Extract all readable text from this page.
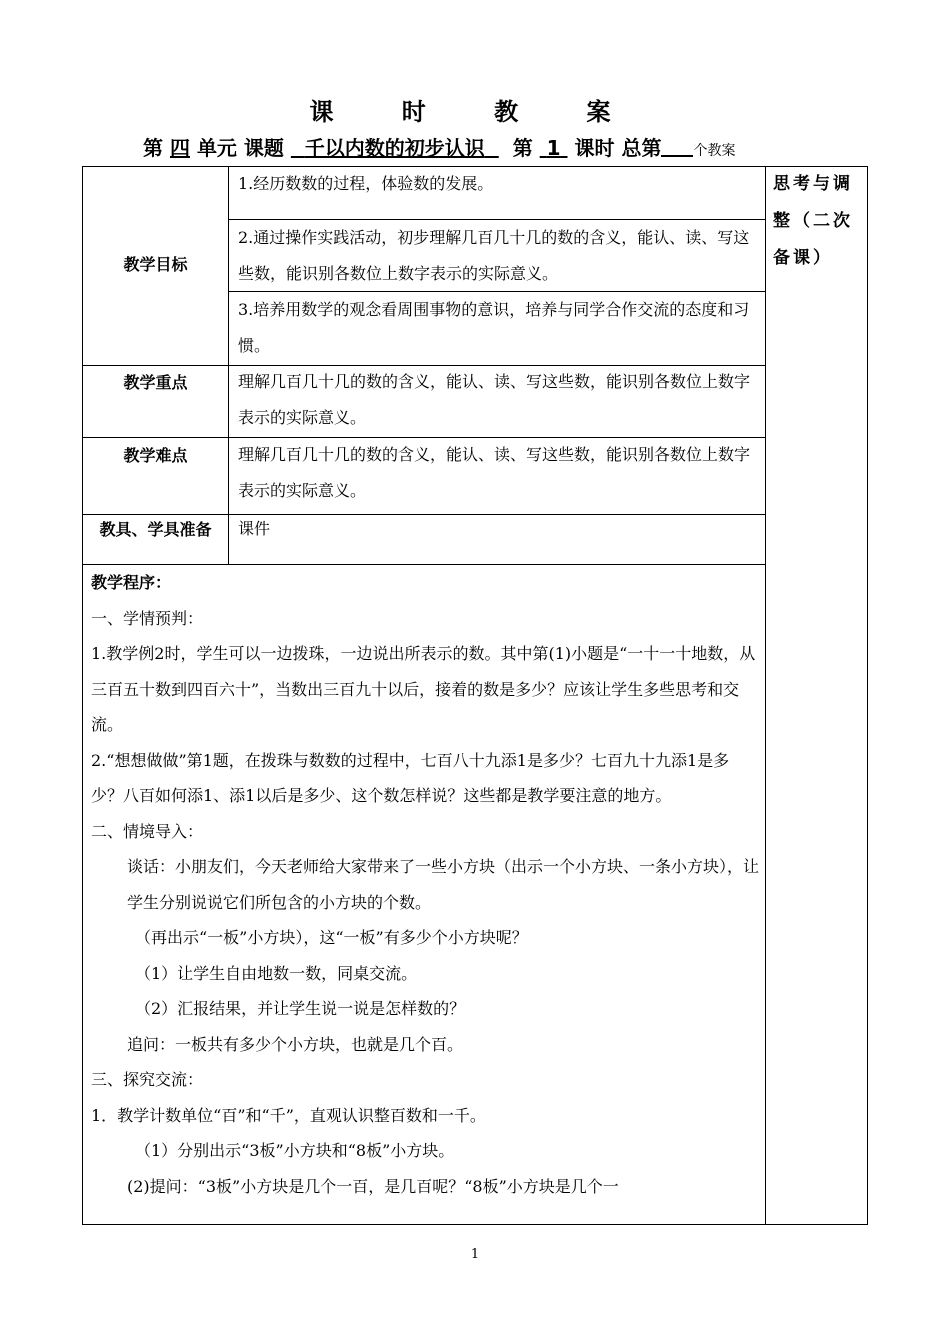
课 时 教 案
第 四 单元 课题 千以内数的初步认识 第 1 课时 总第 个教案
教学目标
教学重点
教学难点
教具、学具准备
1.经历数数的过程，体验数的发展。
2.通过操作实践活动，初步理解几百几十几的数的含义，能认、读、写这些数，能识别各数位上数字表示的实际意义。
3.培养用数学的观念看周围事物的意识，培养与同学合作交流的态度和习惯。
理解几百几十几的数的含义，能认、读、写这些数，能识别各数位上数字表示的实际意义。
理解几百几十几的数的含义，能认、读、写这些数，能识别各数位上数字表示的实际意义。
课件
思考与调整（二次备课）
教学程序：
一、学情预判：
1.教学例2时，学生可以一边拨珠，一边说出所表示的数。其中第(1)小题是“一十一十地数，从三百五十数到四百六十”，当数出三百九十以后，接着的数是多少？应该让学生多些思考和交流。
2.“想想做做”第1题，在拨珠与数数的过程中，七百八十九添1是多少？七百九十九添1是多少？八百如何添1、添1以后是多少、这个数怎样说？这些都是教学要注意的地方。
二、情境导入：
谈话：小朋友们，今天老师给大家带来了一些小方块（出示一个小方块、一条小方块），让学生分别说说它们所包含的小方块的个数。
（再出示“一板”小方块），这“一板”有多少个小方块呢？
（1）让学生自由地数一数，同桌交流。
（2）汇报结果，并让学生说一说是怎样数的？
追问：一板共有多少个小方块，也就是几个百。
三、探究交流：
1．教学计数单位“百”和“千”，直观认识整百数和一千。
（1）分别出示“3板”小方块和“8板”小方块。
(2)提问：“3板”小方块是几个一百，是几百呢？“8板”小方块是几个一
1
